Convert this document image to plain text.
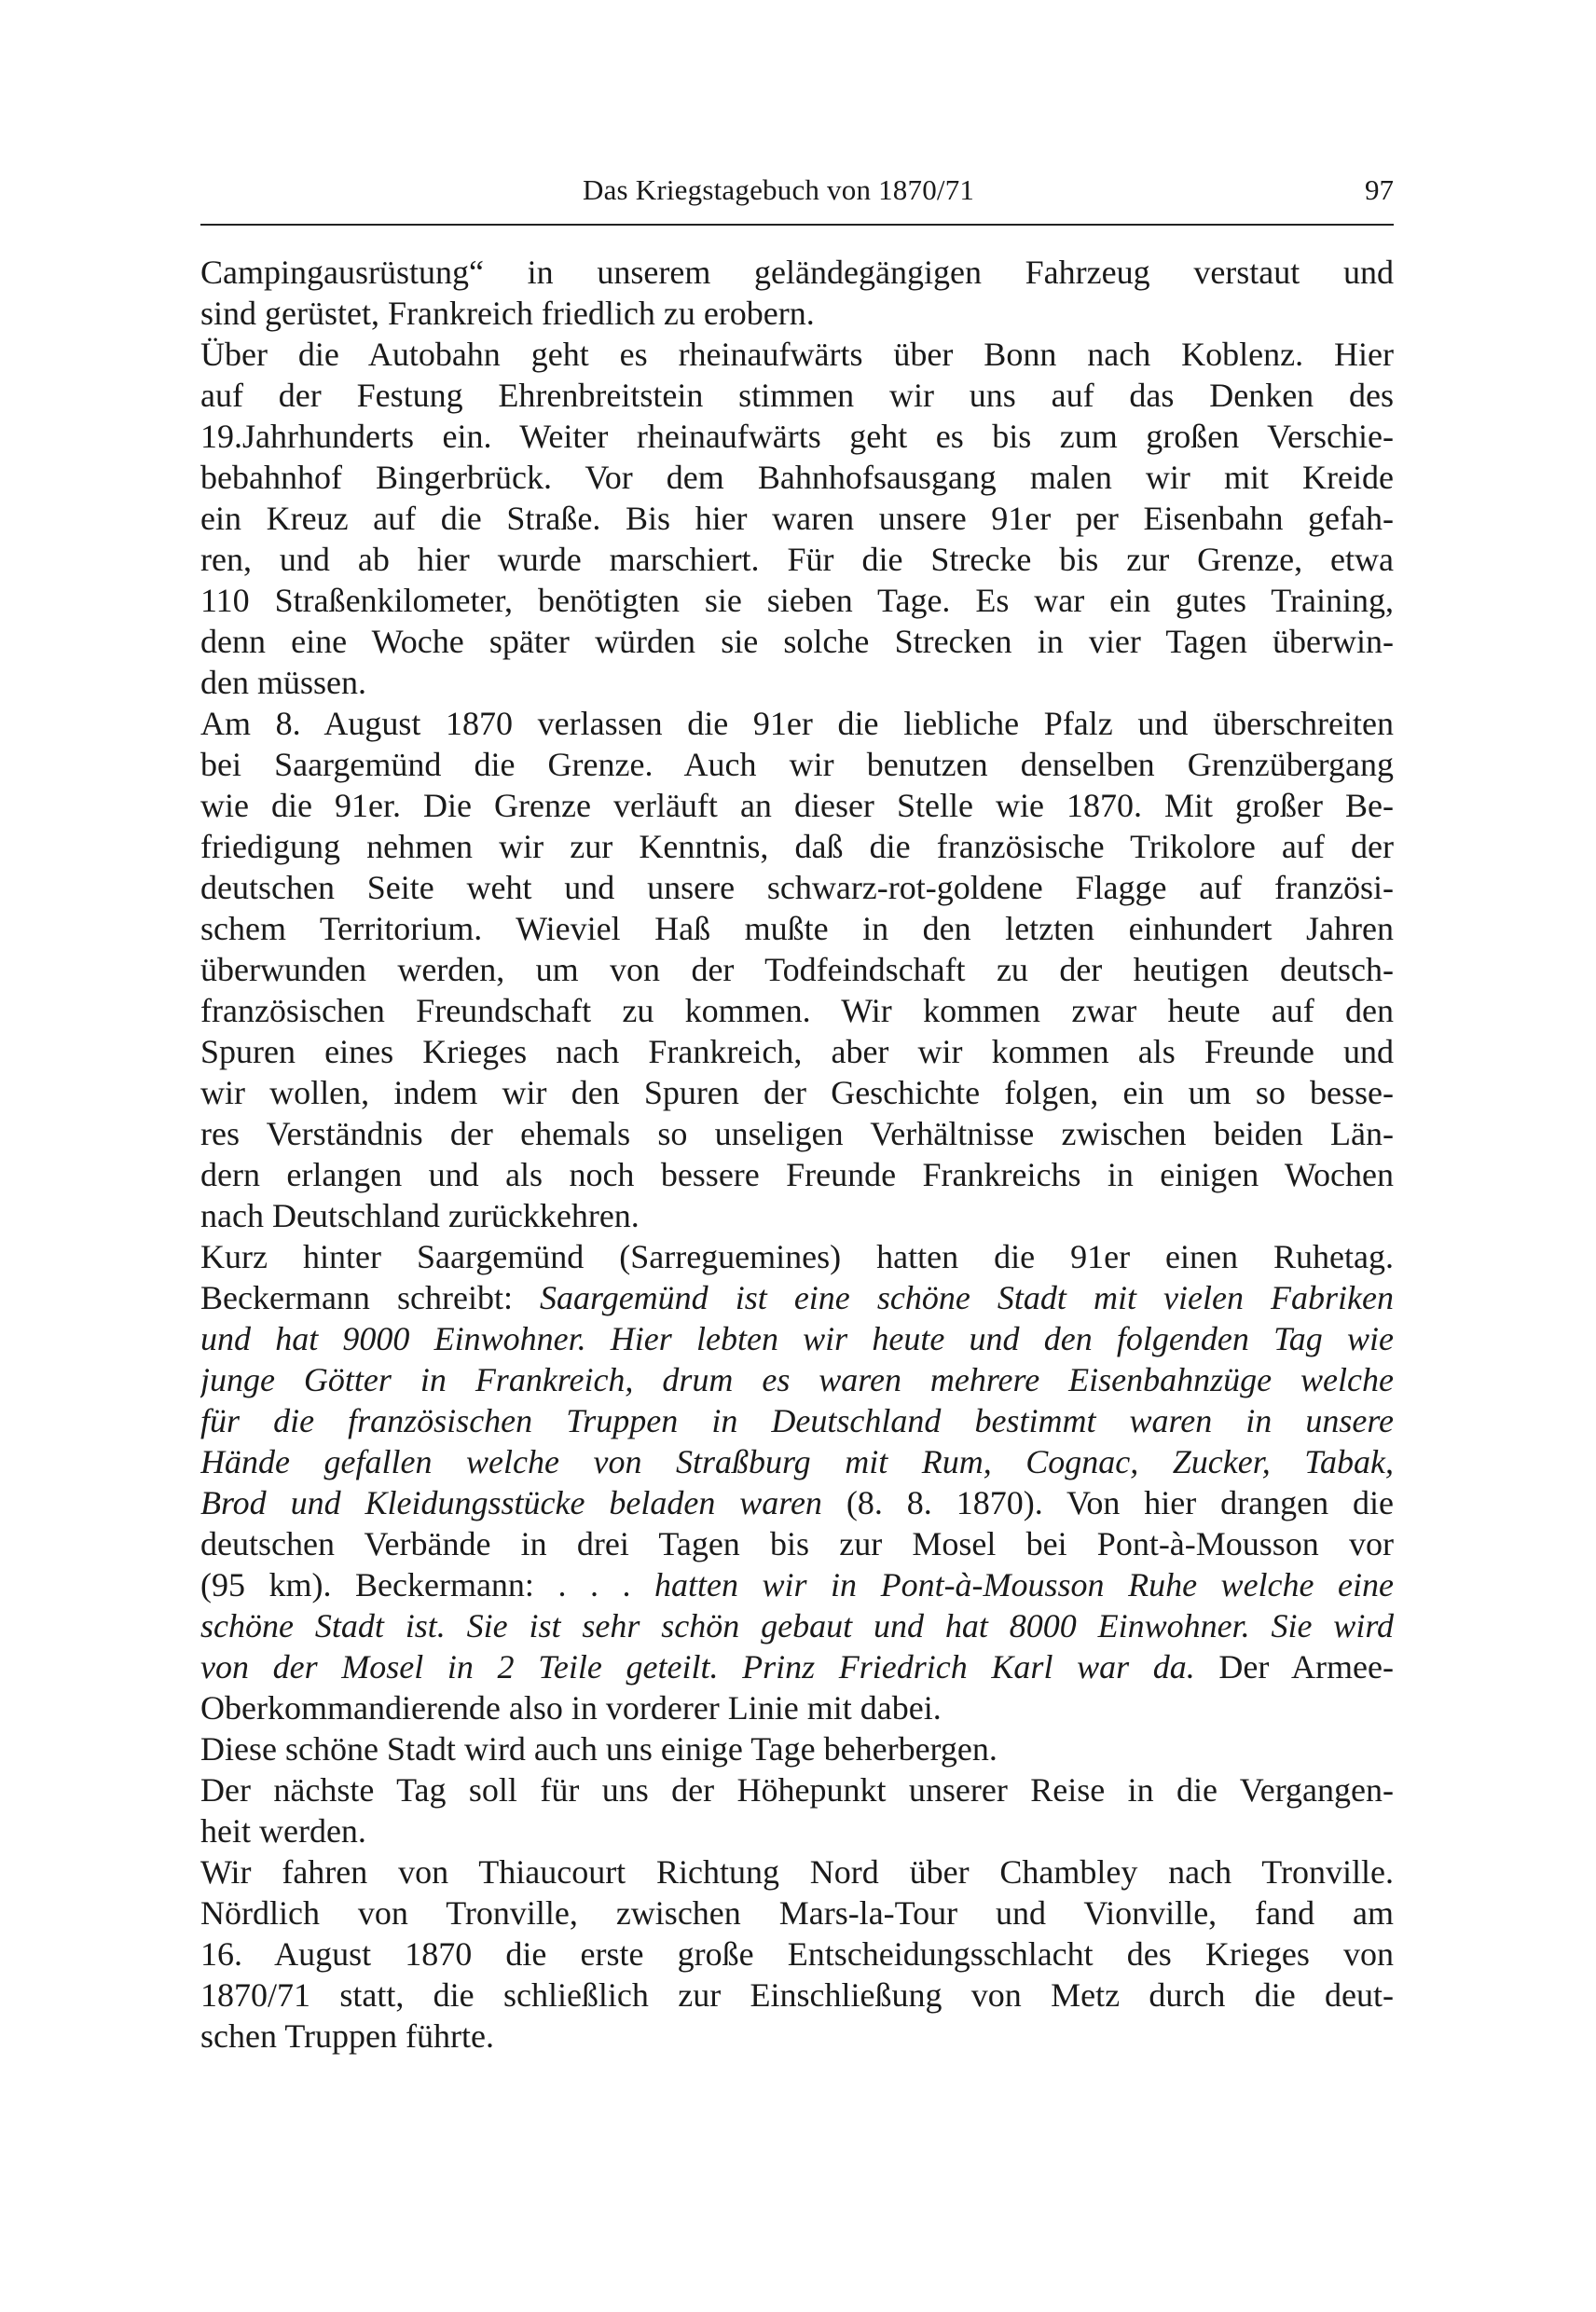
Das Kriegstagebuch von 1870/71	97
Campingausrüstung“ in unserem geländegängigen Fahrzeug verstaut und
sind gerüstet, Frankreich friedlich zu erobern.
Über die Autobahn geht es rheinaufwärts über Bonn nach Koblenz. Hier
auf der Festung Ehrenbreitstein stimmen wir uns auf das Denken des
19.Jahrhunderts ein. Weiter rheinaufwärts geht es bis zum großen Verschie-
bebahnhof Bingerbrück. Vor dem Bahnhofsausgang malen wir mit Kreide
ein Kreuz auf die Straße. Bis hier waren unsere 91er per Eisenbahn gefah-
ren, und ab hier wurde marschiert. Für die Strecke bis zur Grenze, etwa
110 Straßenkilometer, benötigten sie sieben Tage. Es war ein gutes Training,
denn eine Woche später würden sie solche Strecken in vier Tagen überwin-
den müssen.
Am 8. August 1870 verlassen die 91er die liebliche Pfalz und überschreiten
bei Saargemünd die Grenze. Auch wir benutzen denselben Grenzübergang
wie die 91er. Die Grenze verläuft an dieser Stelle wie 1870. Mit großer Be-
friedigung nehmen wir zur Kenntnis, daß die französische Trikolore auf der
deutschen Seite weht und unsere schwarz-rot-goldene Flagge auf französi-
schem Territorium. Wieviel Haß mußte in den letzten einhundert Jahren
überwunden werden, um von der Todfeindschaft zu der heutigen deutsch-
französischen Freundschaft zu kommen. Wir kommen zwar heute auf den
Spuren eines Krieges nach Frankreich, aber wir kommen als Freunde und
wir wollen, indem wir den Spuren der Geschichte folgen, ein um so besse-
res Verständnis der ehemals so unseligen Verhältnisse zwischen beiden Län-
dern erlangen und als noch bessere Freunde Frankreichs in einigen Wochen
nach Deutschland zurückkehren.
Kurz hinter Saargemünd (Sarreguemines) hatten die 91er einen Ruhetag.
Beckermann schreibt: Saargemünd ist eine schöne Stadt mit vielen Fabriken
und hat 9000 Einwohner. Hier lebten wir heute und den folgenden Tag wie
junge Götter in Frankreich, drum es waren mehrere Eisenbahnzüge welche
für die französischen Truppen in Deutschland bestimmt waren in unsere
Hände gefallen welche von Straßburg mit Rum, Cognac, Zucker, Tabak,
Brod und Kleidungsstücke beladen waren (8. 8. 1870). Von hier drangen die
deutschen Verbände in drei Tagen bis zur Mosel bei Pont-à-Mousson vor
(95 km). Beckermann: . . . hatten wir in Pont-à-Mousson Ruhe welche eine
schöne Stadt ist. Sie ist sehr schön gebaut und hat 8000 Einwohner. Sie wird
von der Mosel in 2 Teile geteilt. Prinz Friedrich Karl war da. Der Armee-
Oberkommandierende also in vorderer Linie mit dabei.
Diese schöne Stadt wird auch uns einige Tage beherbergen.
Der nächste Tag soll für uns der Höhepunkt unserer Reise in die Vergangen-
heit werden.
Wir fahren von Thiaucourt Richtung Nord über Chambley nach Tronville.
Nördlich von Tronville, zwischen Mars-la-Tour und Vionville, fand am
16. August 1870 die erste große Entscheidungsschlacht des Krieges von
1870/71 statt, die schließlich zur Einschließung von Metz durch die deut-
schen Truppen führte.
